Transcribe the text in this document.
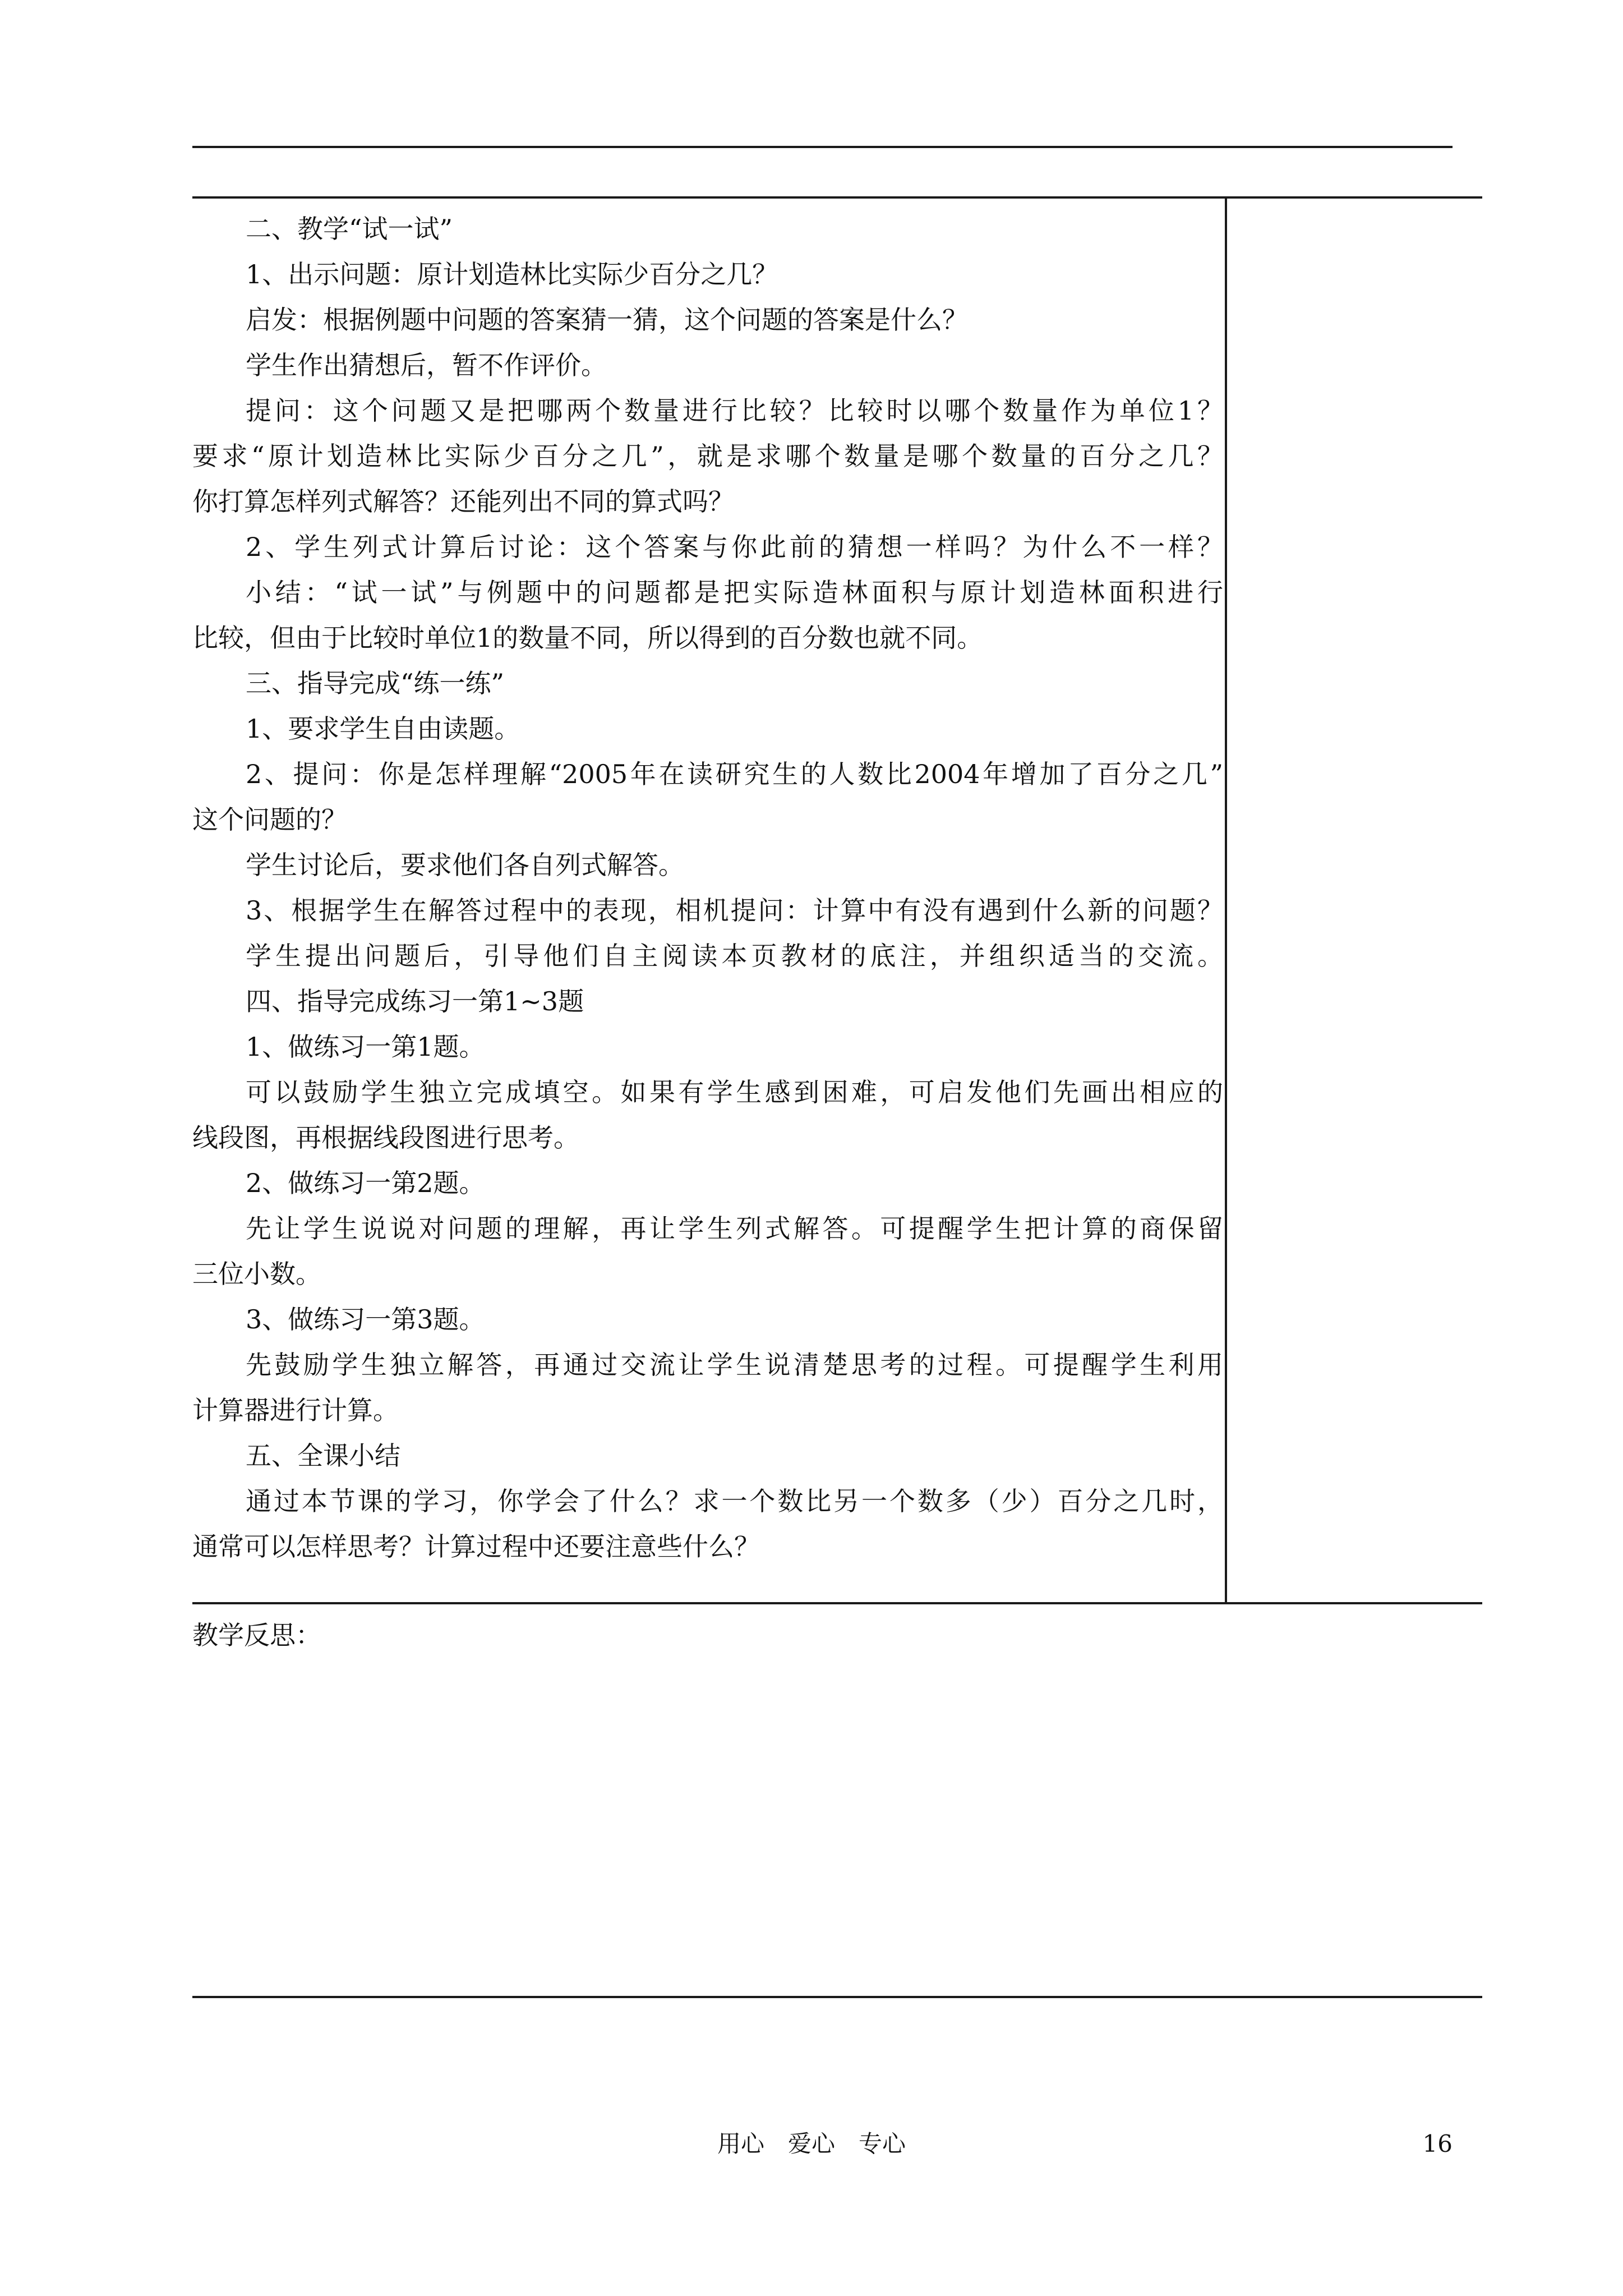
二、教学“试一试”
1、出示问题：原计划造林比实际少百分之几？
启发：根据例题中问题的答案猜一猜，这个问题的答案是什么？
学生作出猜想后，暂不作评价。
提问：这个问题又是把哪两个数量进行比较？比较时以哪个数量作为单位1？
要求“原计划造林比实际少百分之几”，就是求哪个数量是哪个数量的百分之几？
你打算怎样列式解答？还能列出不同的算式吗？
2、学生列式计算后讨论：这个答案与你此前的猜想一样吗？为什么不一样？
小结：“试一试”与例题中的问题都是把实际造林面积与原计划造林面积进行
比较，但由于比较时单位1的数量不同，所以得到的百分数也就不同。
三、指导完成“练一练”
1、要求学生自由读题。
2、提问：你是怎样理解“2005年在读研究生的人数比2004年增加了百分之几”
这个问题的？
学生讨论后，要求他们各自列式解答。
3、根据学生在解答过程中的表现，相机提问：计算中有没有遇到什么新的问题？
学生提出问题后，引导他们自主阅读本页教材的底注，并组织适当的交流。
四、指导完成练习一第1~3题
1、做练习一第1题。
可以鼓励学生独立完成填空。如果有学生感到困难，可启发他们先画出相应的
线段图，再根据线段图进行思考。
2、做练习一第2题。
先让学生说说对问题的理解，再让学生列式解答。可提醒学生把计算的商保留
三位小数。
3、做练习一第3题。
先鼓励学生独立解答，再通过交流让学生说清楚思考的过程。可提醒学生利用
计算器进行计算。
五、全课小结
通过本节课的学习，你学会了什么？求一个数比另一个数多（少）百分之几时，
通常可以怎样思考？计算过程中还要注意些什么？
教学反思：
用心　爱心　专心	16
